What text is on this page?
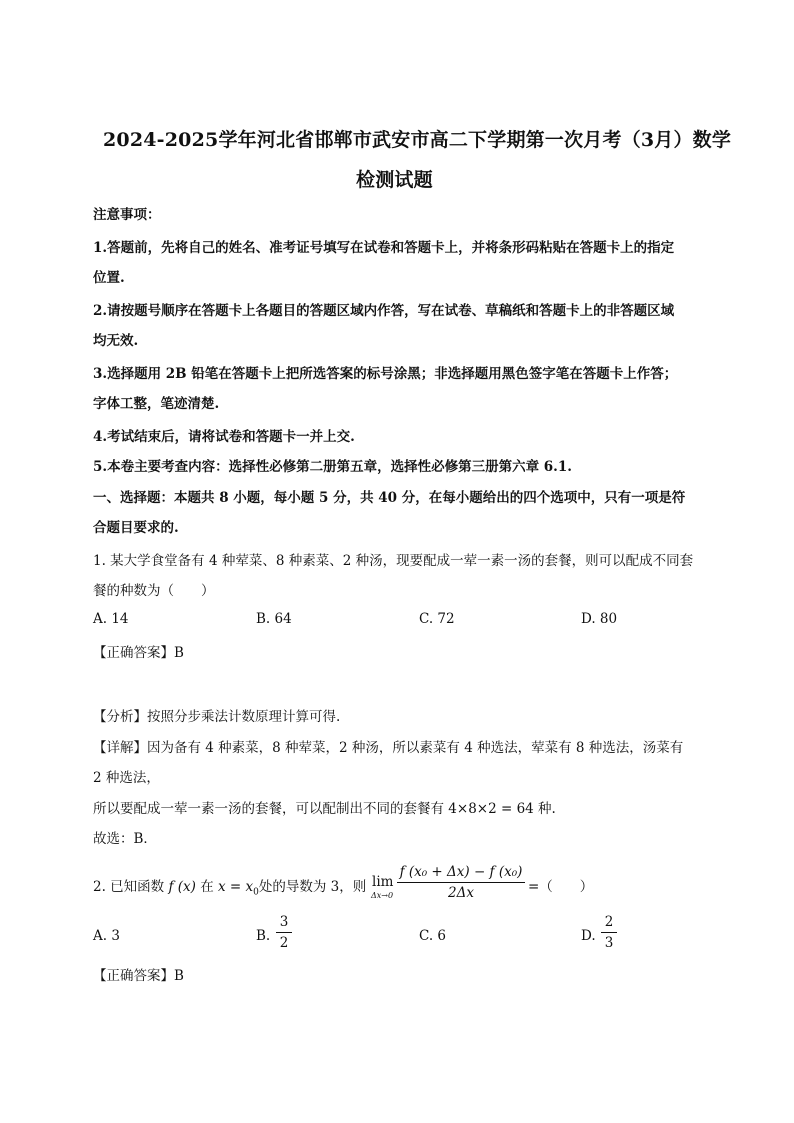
2024-2025学年河北省邯郸市武安市高二下学期第一次月考（3月）数学
检测试题
注意事项：
1.答题前，先将自己的姓名、准考证号填写在试卷和答题卡上，并将条形码粘贴在答题卡上的指定
位置.
2.请按题号顺序在答题卡上各题目的答题区域内作答，写在试卷、草稿纸和答题卡上的非答题区域
均无效.
3.选择题用 2B 铅笔在答题卡上把所选答案的标号涂黑；非选择题用黑色签字笔在答题卡上作答；
字体工整，笔迹清楚.
4.考试结束后，请将试卷和答题卡一并上交.
5.本卷主要考查内容：选择性必修第二册第五章，选择性必修第三册第六章 6.1.
一、选择题：本题共 8 小题，每小题 5 分，共 40 分，在每小题给出的四个选项中，只有一项是符
合题目要求的.
1. 某大学食堂备有 4 种荤菜、8 种素菜、2 种汤，现要配成一荤一素一汤的套餐，则可以配成不同套
餐的种数为（　　）
A. 14	B. 64	C. 72	D. 80
【正确答案】B
【分析】按照分步乘法计数原理计算可得.
【详解】因为备有 4 种素菜，8 种荤菜，2 种汤，所以素菜有 4 种选法，荤菜有 8 种选法，汤菜有
2 种选法，
所以要配成一荤一素一汤的套餐，可以配制出不同的套餐有 4×8×2 = 64 种.
故选：B．
2. 已知函数 f (x) 在 $x = x_0$处的导数为 3，则 lim
Δx→0
f (x₀ + Δx) − f (x₀)
2Δx	=（　　）
A. 3	B.
3
2	C. 6	D.
2
3
【正确答案】B
